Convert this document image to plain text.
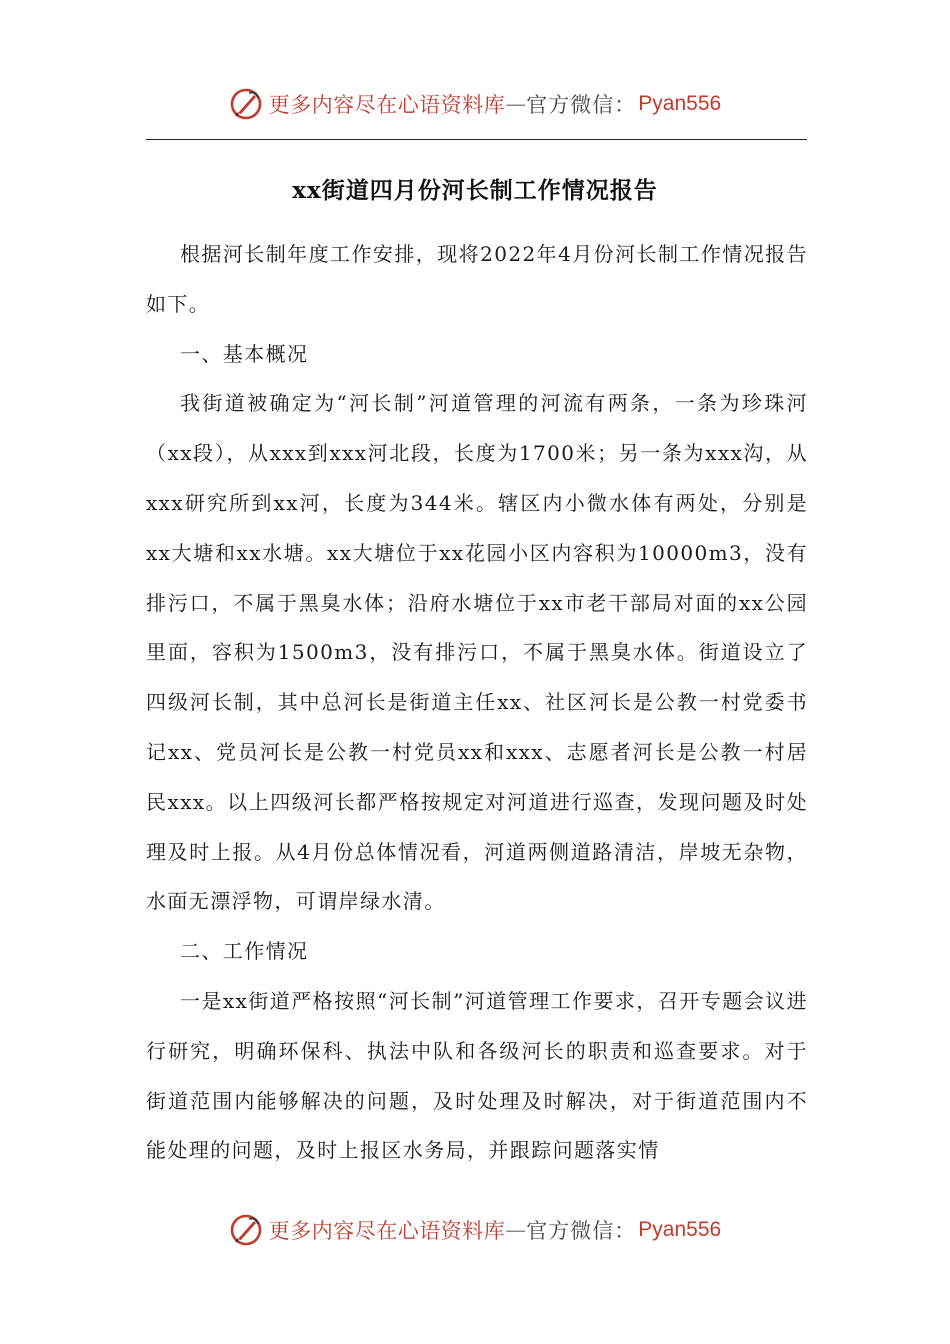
更多内容尽在心语资料库 — 官方微信： Pyan556
xx街道四月份河长制工作情况报告

根据河长制年度工作安排，现将2022年4月份河长制工作情况报告如下。

一、基本概况

我街道被确定为“河长制”河道管理的河流有两条，一条为珍珠河（xx段），从xxx到xxx河北段，长度为1700米；另一条为xxx沟，从xxx研究所到xx河，长度为344米。辖区内小微水体有两处，分别是xx大塘和xx水塘。xx大塘位于xx花园小区内容积为10000m3，没有排污口，不属于黑臭水体；沿府水塘位于xx市老干部局对面的xx公园里面，容积为1500m3，没有排污口，不属于黑臭水体。街道设立了四级河长制，其中总河长是街道主任xx、社区河长是公教一村党委书记xx、党员河长是公教一村党员xx和xxx、志愿者河长是公教一村居民xxx。以上四级河长都严格按规定对河道进行巡查，发现问题及时处理及时上报。从4月份总体情况看，河道两侧道路清洁，岸坡无杂物，水面无漂浮物，可谓岸绿水清。

二、工作情况

一是xx街道严格按照“河长制”河道管理工作要求，召开专题会议进行研究，明确环保科、执法中队和各级河长的职责和巡查要求。对于街道范围内能够解决的问题，及时处理及时解决，对于街道范围内不能处理的问题，及时上报区水务局，并跟踪问题落实情

更多内容尽在心语资料库 — 官方微信： Pyan556
